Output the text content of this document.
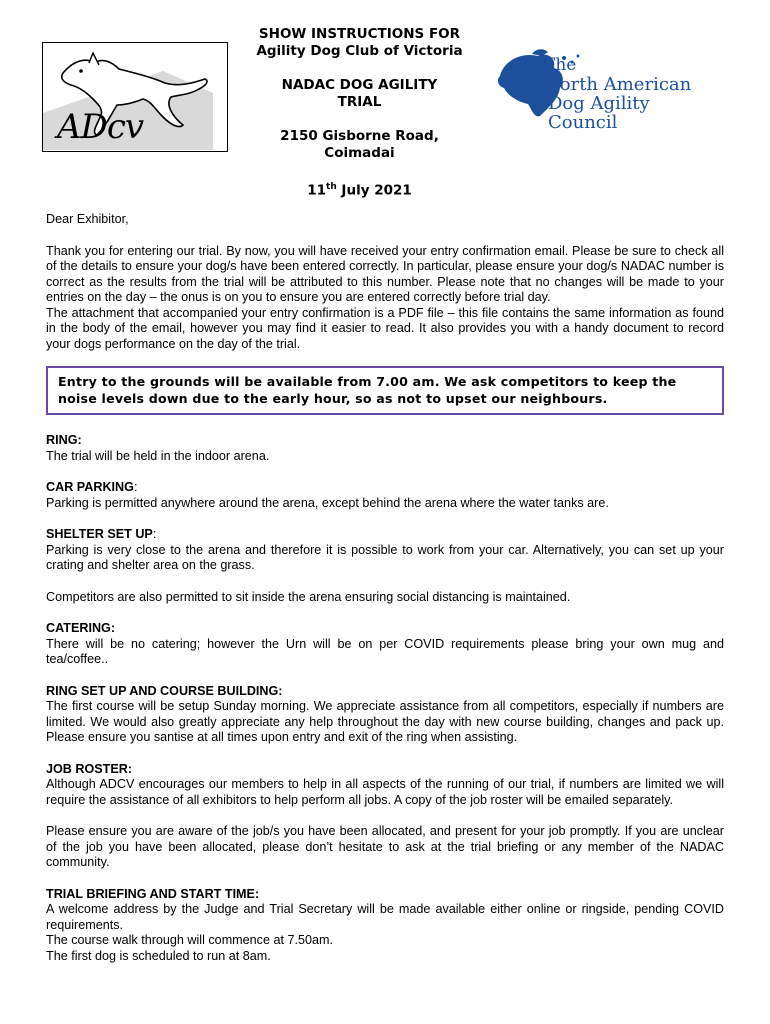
ADcv
SHOW INSTRUCTIONS FOR
Agility Dog Club of Victoria
NADAC DOG AGILITY
TRIAL
2150 Gisborne Road,
Coimadai
11th July 2021
The
North American
Dog Agility Council

Dear Exhibitor,

Thank you for entering our trial. By now, you will have received your entry confirmation email. Please be sure to check all of the details to ensure your dog/s have been entered correctly. In particular, please ensure your dog/s NADAC number is correct as the results from the trial will be attributed to this number. Please note that no changes will be made to your entries on the day – the onus is on you to ensure you are entered correctly before trial day.

The attachment that accompanied your entry confirmation is a PDF file – this file contains the same information as found in the body of the email, however you may find it easier to read. It also provides you with a handy document to record your dogs performance on the day of the trial.

Entry to the grounds will be available from 7.00 am. We ask competitors to keep the noise levels down due to the early hour, so as not to upset our neighbours.
RING:
The trial will be held in the indoor arena.
CAR PARKING:
Parking is permitted anywhere around the arena, except behind the arena where the water tanks are.
SHELTER SET UP:
Parking is very close to the arena and therefore it is possible to work from your car. Alternatively, you can set up your crating and shelter area on the grass.
Competitors are also permitted to sit inside the arena ensuring social distancing is maintained.
CATERING:
There will be no catering; however the Urn will be on per COVID requirements please bring your own mug and tea/coffee..
RING SET UP AND COURSE BUILDING:
The first course will be setup Sunday morning. We appreciate assistance from all competitors, especially if numbers are limited. We would also greatly appreciate any help throughout the day with new course building, changes and pack up. Please ensure you santise at all times upon entry and exit of the ring when assisting.
JOB ROSTER:
Although ADCV encourages our members to help in all aspects of the running of our trial, if numbers are limited we will require the assistance of all exhibitors to help perform all jobs. A copy of the job roster will be emailed separately.
Please ensure you are aware of the job/s you have been allocated, and present for your job promptly. If you are unclear of the job you have been allocated, please don’t hesitate to ask at the trial briefing or any member of the NADAC community.
TRIAL BRIEFING AND START TIME:
A welcome address by the Judge and Trial Secretary will be made available either online or ringside, pending COVID requirements.
The course walk through will commence at 7.50am.
The first dog is scheduled to run at 8am.
